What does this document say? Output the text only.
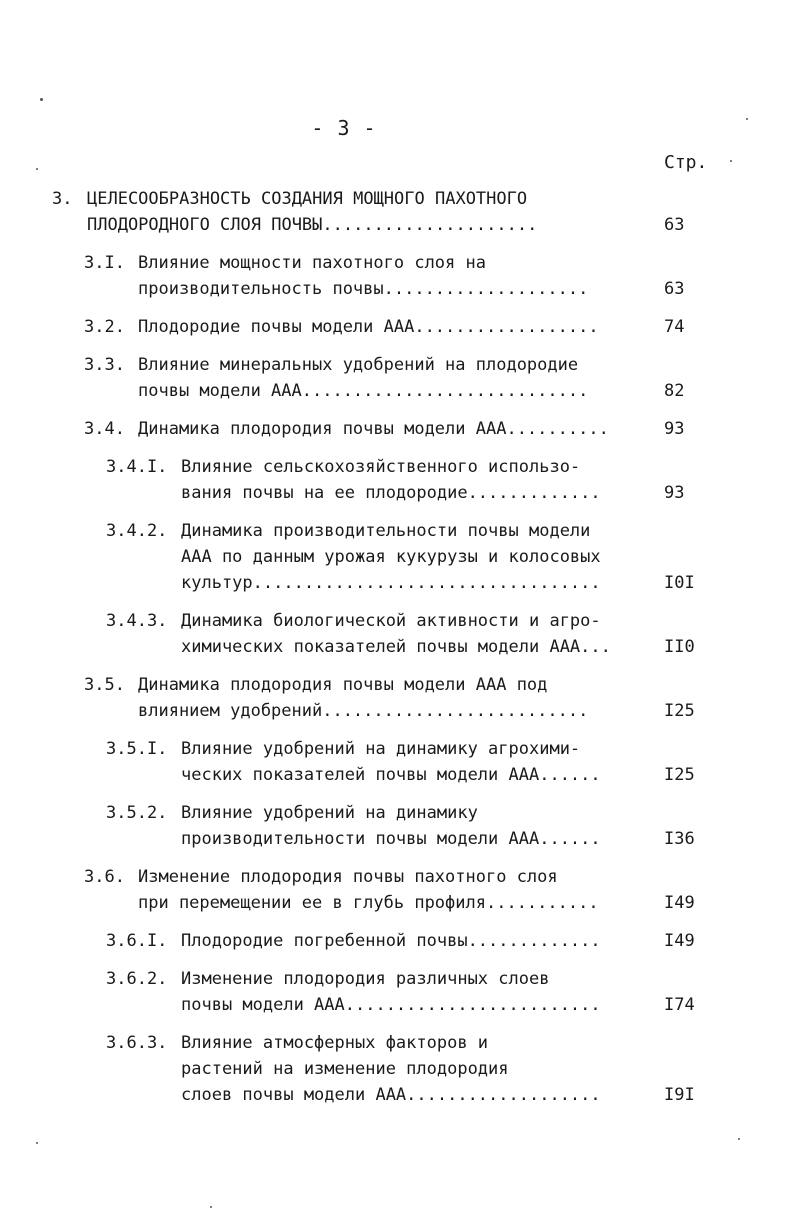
- 3 -
Стр.
3. ЦЕЛЕСООБРАЗНОСТЬ СОЗДАНИЯ МОЩНОГО ПАХОТНОГО
ПЛОДОРОДНОГО СЛОЯ ПОЧВЫ.....................	63
3.I. Влияние мощности пахотного слоя на
производительность почвы....................	63
3.2. Плодородие почвы модели ААА..................	74
3.3. Влияние минеральных удобрений на плодородие
почвы модели ААА............................	82
3.4. Динамика плодородия почвы модели ААА..........	93
3.4.I. Влияние сельскохозяйственного использо-
вания почвы на ее плодородие.............	93
3.4.2. Динамика производительности почвы модели
ААА по данным урожая кукурузы и колосовых
культур..................................	I0I
3.4.3. Динамика биологической активности и агро-
химических показателей почвы модели ААА...	II0
3.5. Динамика плодородия почвы модели ААА под
влиянием удобрений..........................	I25
3.5.I. Влияние удобрений на динамику агрохими-
ческих показателей почвы модели ААА......	I25
3.5.2. Влияние удобрений на динамику
производительности почвы модели ААА......	I36
3.6. Изменение плодородия почвы пахотного слоя
при перемещении ее в глубь профиля...........	I49
3.6.I. Плодородие погребенной почвы.............	I49
3.6.2. Изменение плодородия различных слоев
почвы модели ААА.........................	I74
3.6.3. Влияние атмосферных факторов и
растений на изменение плодородия
слоев почвы модели ААА...................	I9I
